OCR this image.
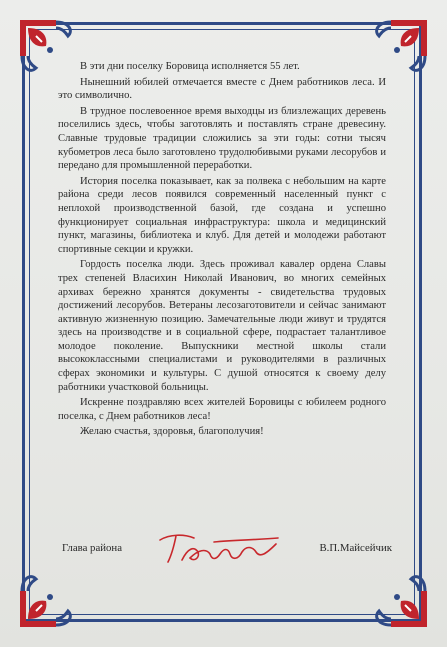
В эти дни поселку Боровица исполняется 55 лет.

Нынешний юбилей отмечается вместе с Днем работников леса. И это символично.

В трудное послевоенное время выходцы из близлежащих деревень поселились здесь, чтобы заготовлять и поставлять стране древесину. Славные трудовые традиции сложились за эти годы: сотни тысяч кубометров леса было заготовлено трудолюбивыми руками лесорубов и передано для промышленной переработки.

История поселка показывает, как за полвека с небольшим на карте района среди лесов появился современный населенный пункт с неплохой производственной базой, где создана и успешно функционирует социальная инфраструктура: школа и медицинский пункт, магазины, библиотека и клуб. Для детей и молодежи работают спортивные секции и кружки.

Гордость поселка люди. Здесь проживал кавалер ордена Славы трех степеней Власихин Николай Иванович, во многих семейных архивах бережно хранятся документы - свидетельства трудовых достижений лесорубов. Ветераны лесозаготовители и сейчас занимают активную жизненную позицию. Замечательные люди живут и трудятся здесь на производстве и в социальной сфере, подрастает талантливое молодое поколение. Выпускники местной школы стали высококлассными специалистами и руководителями в различных сферах экономики и культуры. С душой относятся к своему делу работники участковой больницы.

Искренне поздравляю всех жителей Боровицы с юбилеем родного поселка, с Днем работников леса!

Желаю счастья, здоровья, благополучия!

Глава района	В.П.Майсейчик
